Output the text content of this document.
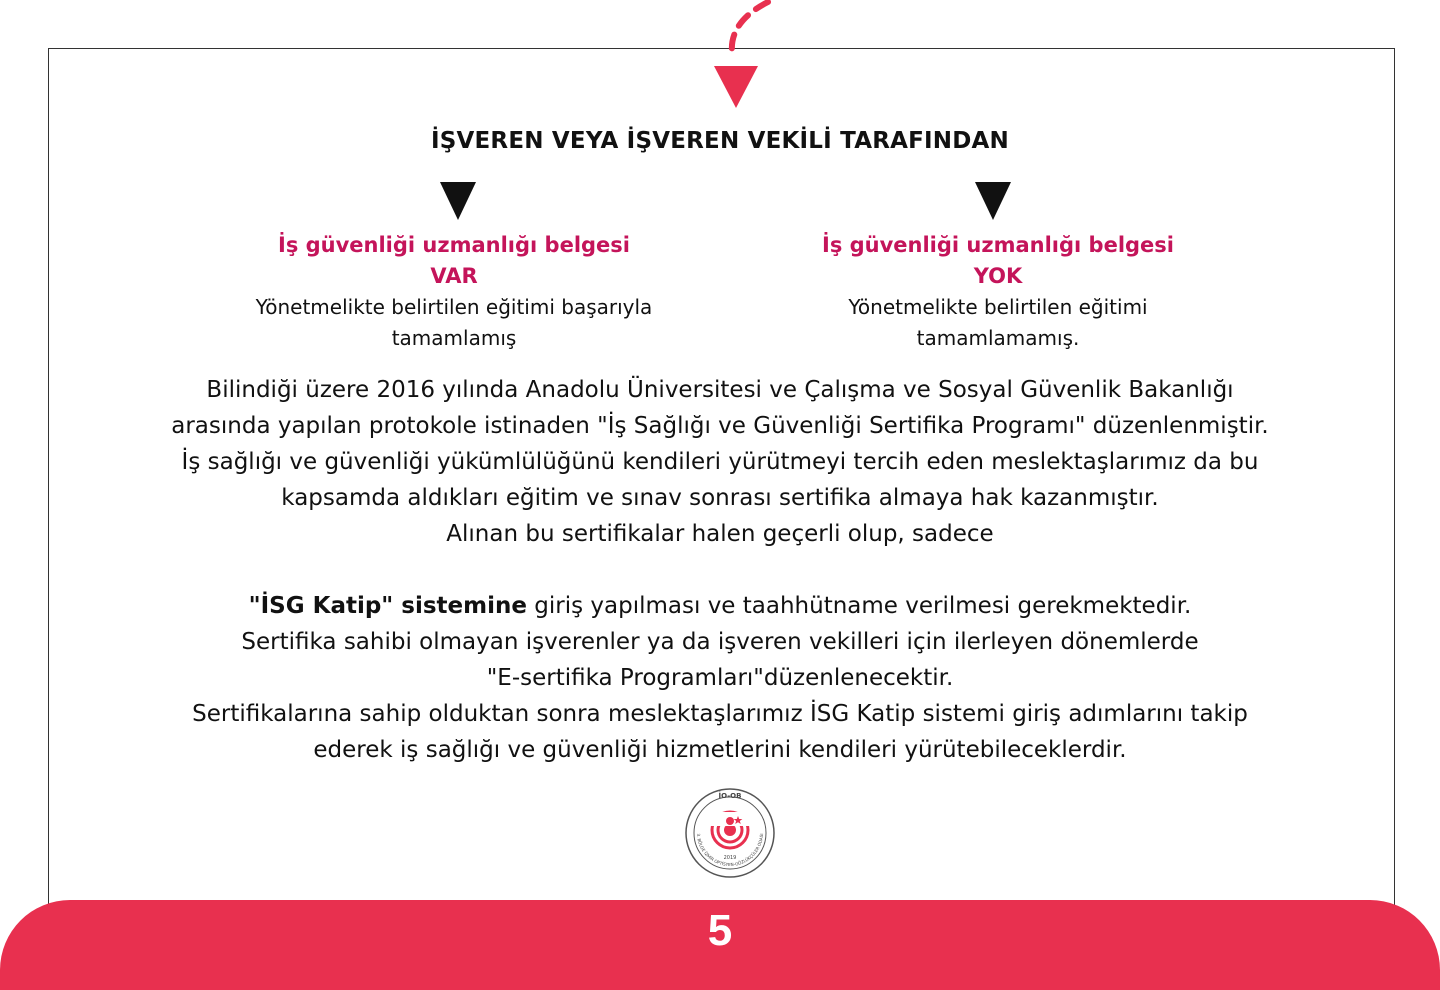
İŞVEREN VEYA İŞVEREN VEKİLİ TARAFINDAN
İş güvenliği uzmanlığı belgesi
VAR
Yönetmelikte belirtilen eğitimi başarıyla
tamamlamış
İş güvenliği uzmanlığı belgesi
YOK
Yönetmelikte belirtilen eğitimi
tamamlamamış.

Bilindiği üzere 2016 yılında Anadolu Üniversitesi ve Çalışma ve Sosyal Güvenlik Bakanlığı

arasında yapılan protokole istinaden "İş Sağlığı ve Güvenliği Sertifika Programı" düzenlenmiştir.

İş sağlığı ve güvenliği yükümlülüğünü kendileri yürütmeyi tercih eden meslektaşlarımız da bu

kapsamda aldıkları eğitim ve sınav sonrası sertifika almaya hak kazanmıştır.

Alınan bu sertifikalar halen geçerli olup, sadece

"İSG Katip" sistemine giriş yapılması ve taahhütname verilmesi gerekmektedir.

Sertifika sahibi olmayan işverenler ya da işveren vekilleri için ilerleyen dönemlerde

"E-sertifika Programları"düzenlenecektir.

Sertifikalarına sahip olduktan sonra meslektaşlarımız İSG Katip sistemi giriş adımlarını takip

ederek iş sağlığı ve güvenliği hizmetlerini kendileri yürütebileceklerdir.

İO-OB
2019
3. BÖLGE İZMİR OPTİSYEN-GÖZLÜKÇÜLER ODASI
5
